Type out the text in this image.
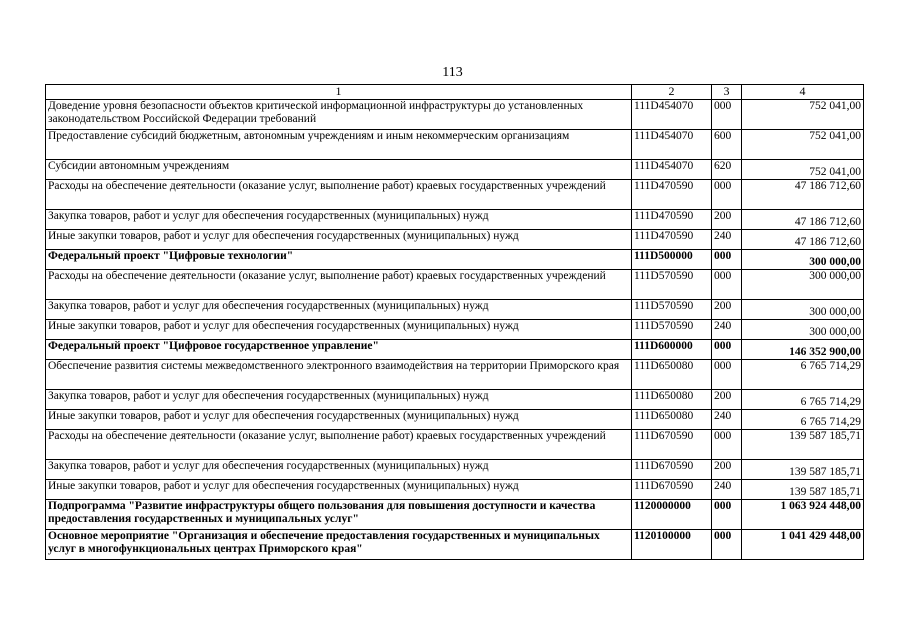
113
1	2	3	4
Доведение уровня безопасности объектов критической информационной инфраструктуры до установленных законодательством Российской Федерации требований	111D454070	000	752 041,00
Предоставление субсидий бюджетным, автономным учреждениям и иным некоммерческим организациям	111D454070	600	752 041,00
Субсидии автономным учреждениям	111D454070	620	752 041,00
Расходы на обеспечение деятельности (оказание услуг, выполнение работ) краевых государственных учреждений	111D470590	000	47 186 712,60
Закупка товаров, работ и услуг для обеспечения государственных (муниципальных) нужд	111D470590	200	47 186 712,60
Иные закупки товаров, работ и услуг для обеспечения государственных (муниципальных) нужд	111D470590	240	47 186 712,60
Федеральный проект "Цифровые технологии"	111D500000	000	300 000,00
Расходы на обеспечение деятельности (оказание услуг, выполнение работ) краевых государственных учреждений	111D570590	000	300 000,00
Закупка товаров, работ и услуг для обеспечения государственных (муниципальных) нужд	111D570590	200	300 000,00
Иные закупки товаров, работ и услуг для обеспечения государственных (муниципальных) нужд	111D570590	240	300 000,00
Федеральный проект "Цифровое государственное управление"	111D600000	000	146 352 900,00
Обеспечение развития системы межведомственного электронного взаимодействия на территории Приморского края	111D650080	000	6 765 714,29
Закупка товаров, работ и услуг для обеспечения государственных (муниципальных) нужд	111D650080	200	6 765 714,29
Иные закупки товаров, работ и услуг для обеспечения государственных (муниципальных) нужд	111D650080	240	6 765 714,29
Расходы на обеспечение деятельности (оказание услуг, выполнение работ) краевых государственных учреждений	111D670590	000	139 587 185,71
Закупка товаров, работ и услуг для обеспечения государственных (муниципальных) нужд	111D670590	200	139 587 185,71
Иные закупки товаров, работ и услуг для обеспечения государственных (муниципальных) нужд	111D670590	240	139 587 185,71
Подпрограмма "Развитие инфраструктуры общего пользования для повышения доступности и качества предоставления государственных и муниципальных услуг"	1120000000	000	1 063 924 448,00
Основное мероприятие "Организация и обеспечение предоставления государственных и муниципальных услуг в многофункциональных центрах Приморского края"	1120100000	000	1 041 429 448,00
